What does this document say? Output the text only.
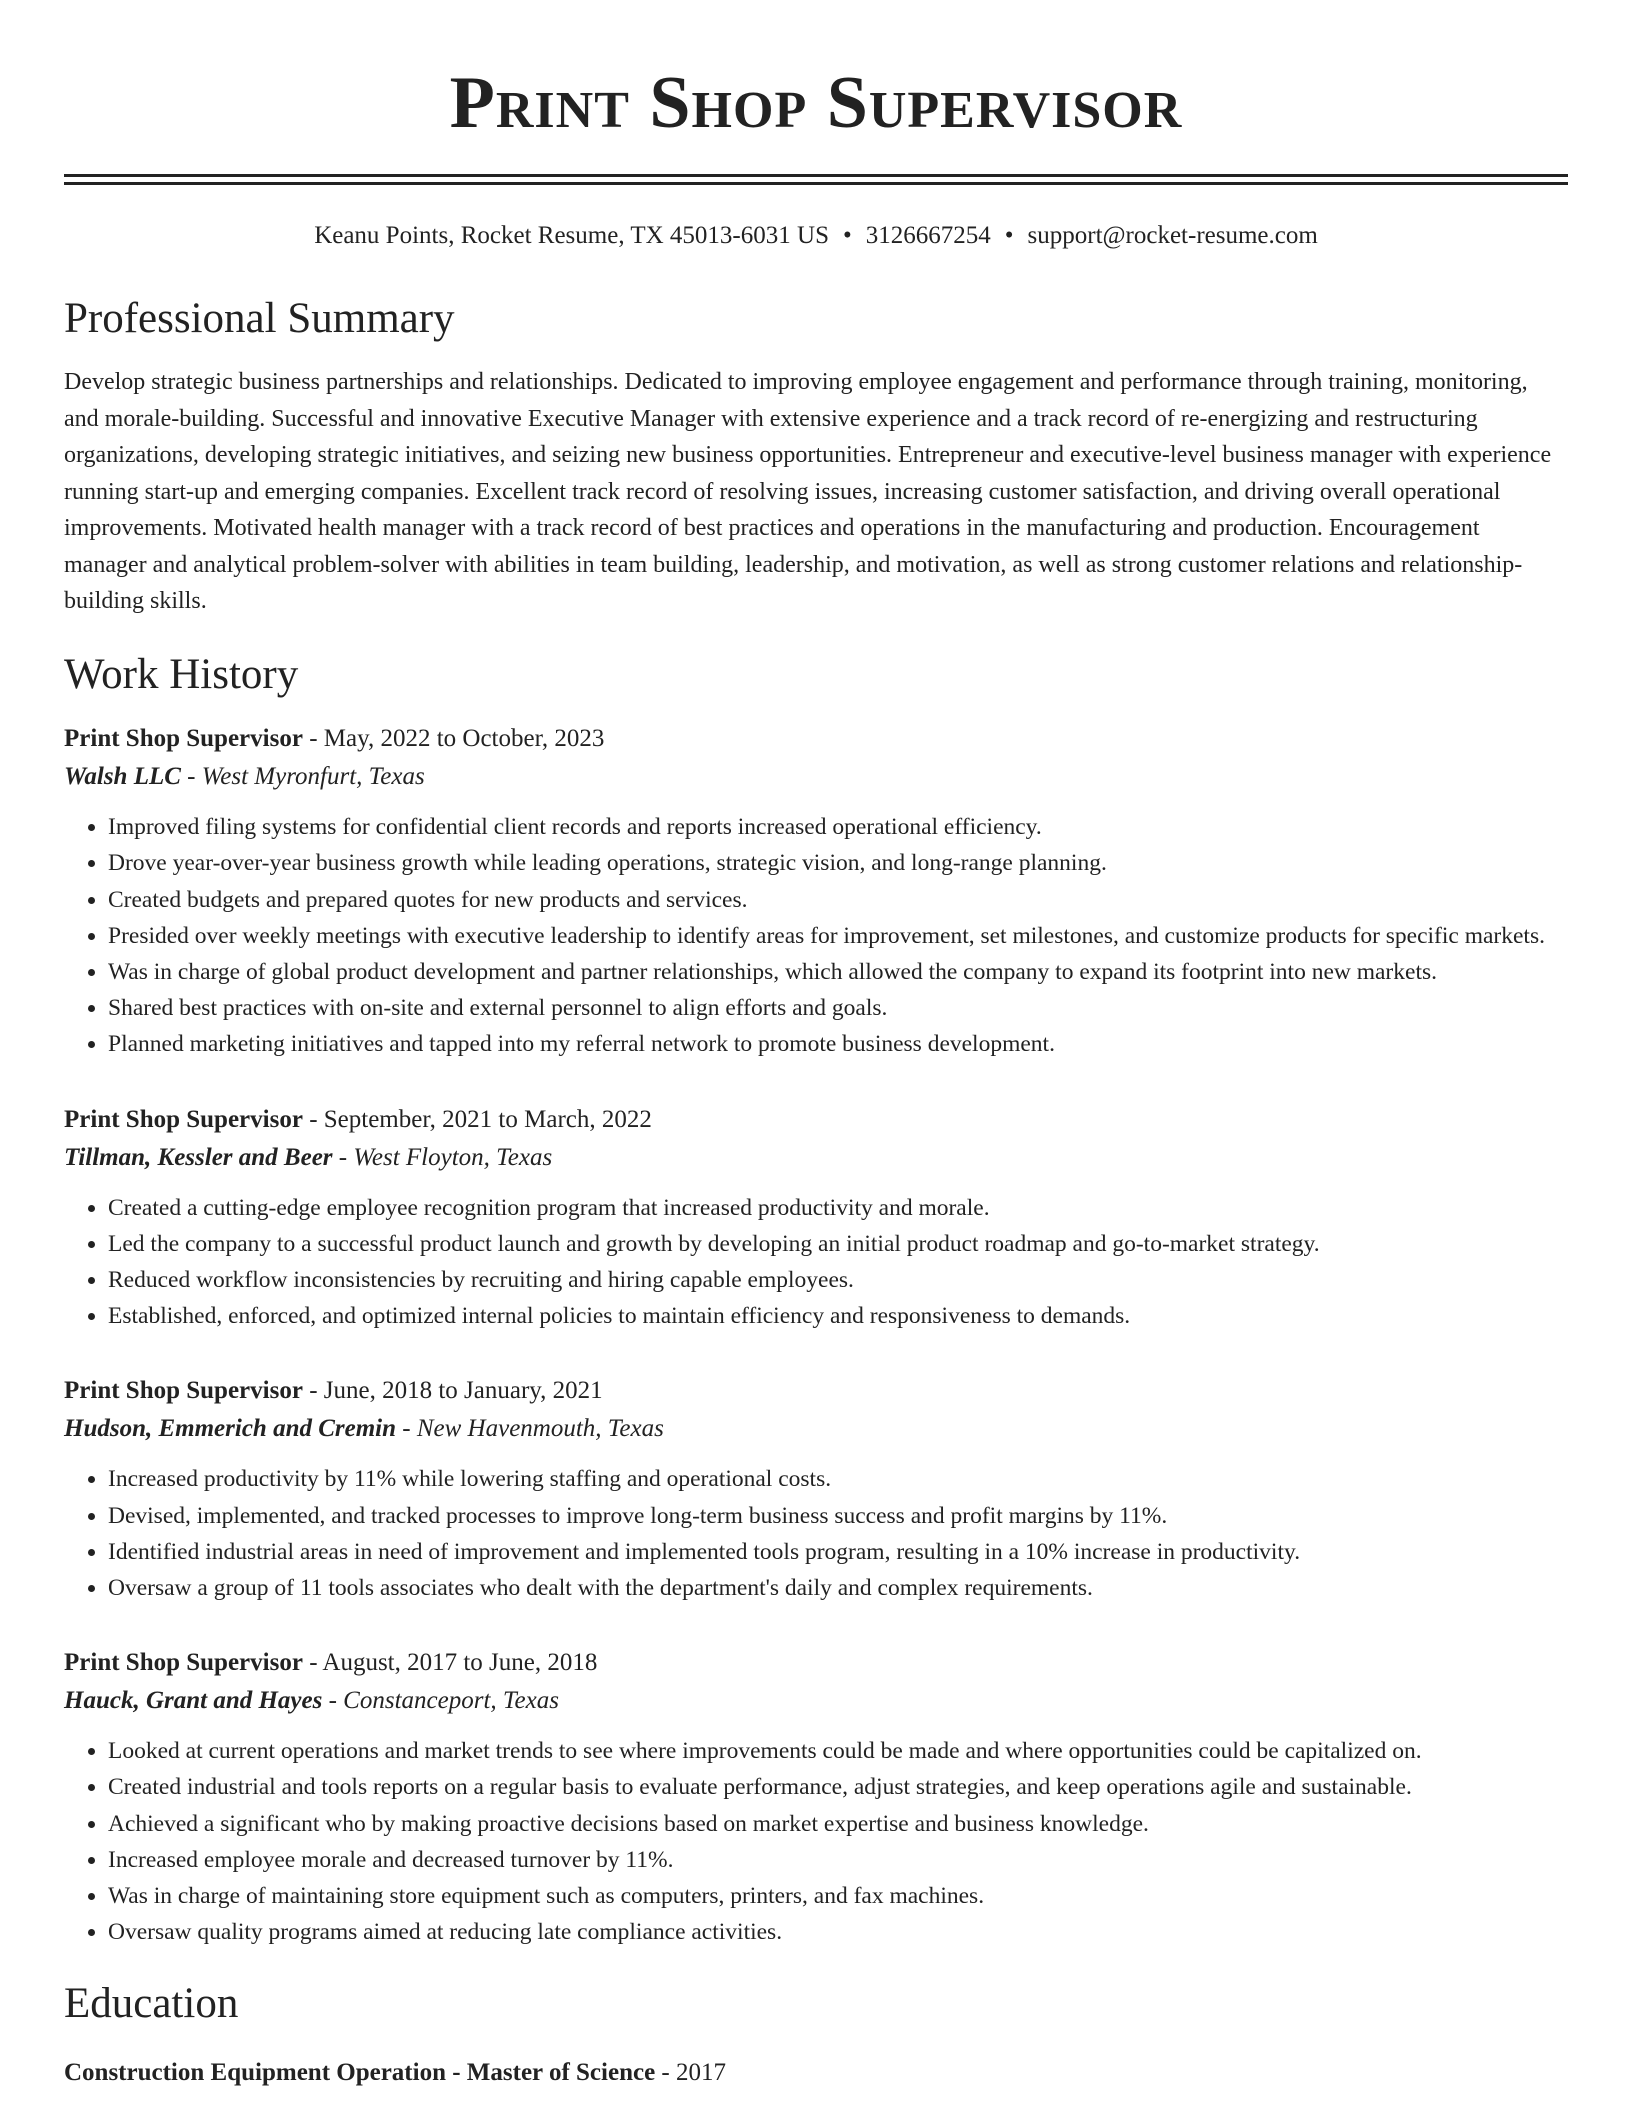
Print Shop Supervisor
Keanu Points, Rocket Resume, TX 45013-6031 US • 3126667254 • support@rocket-resume.com
Professional Summary

Develop strategic business partnerships and relationships. Dedicated to improving employee engagement and performance through training, monitoring, and morale-building. Successful and innovative Executive Manager with extensive experience and a track record of re-energizing and restructuring organizations, developing strategic initiatives, and seizing new business opportunities. Entrepreneur and executive-level business manager with experience running start-up and emerging companies. Excellent track record of resolving issues, increasing customer satisfaction, and driving overall operational improvements. Motivated health manager with a track record of best practices and operations in the manufacturing and production. Encouragement manager and analytical problem-solver with abilities in team building, leadership, and motivation, as well as strong customer relations and relationship-building skills.

Work History
Print Shop Supervisor - May, 2022 to October, 2023
Walsh LLC - West Myronfurt, Texas
• Improved filing systems for confidential client records and reports increased operational efficiency.
• Drove year-over-year business growth while leading operations, strategic vision, and long-range planning.
• Created budgets and prepared quotes for new products and services.
• Presided over weekly meetings with executive leadership to identify areas for improvement, set milestones, and customize products for specific markets.
• Was in charge of global product development and partner relationships, which allowed the company to expand its footprint into new markets.
• Shared best practices with on-site and external personnel to align efforts and goals.
• Planned marketing initiatives and tapped into my referral network to promote business development.
Print Shop Supervisor - September, 2021 to March, 2022
Tillman, Kessler and Beer - West Floyton, Texas
• Created a cutting-edge employee recognition program that increased productivity and morale.
• Led the company to a successful product launch and growth by developing an initial product roadmap and go-to-market strategy.
• Reduced workflow inconsistencies by recruiting and hiring capable employees.
• Established, enforced, and optimized internal policies to maintain efficiency and responsiveness to demands.
Print Shop Supervisor - June, 2018 to January, 2021
Hudson, Emmerich and Cremin - New Havenmouth, Texas
• Increased productivity by 11% while lowering staffing and operational costs.
• Devised, implemented, and tracked processes to improve long-term business success and profit margins by 11%.
• Identified industrial areas in need of improvement and implemented tools program, resulting in a 10% increase in productivity.
• Oversaw a group of 11 tools associates who dealt with the department's daily and complex requirements.
Print Shop Supervisor - August, 2017 to June, 2018
Hauck, Grant and Hayes - Constanceport, Texas
• Looked at current operations and market trends to see where improvements could be made and where opportunities could be capitalized on.
• Created industrial and tools reports on a regular basis to evaluate performance, adjust strategies, and keep operations agile and sustainable.
• Achieved a significant who by making proactive decisions based on market expertise and business knowledge.
• Increased employee morale and decreased turnover by 11%.
• Was in charge of maintaining store equipment such as computers, printers, and fax machines.
• Oversaw quality programs aimed at reducing late compliance activities.
Education
Construction Equipment Operation - Master of Science - 2017
